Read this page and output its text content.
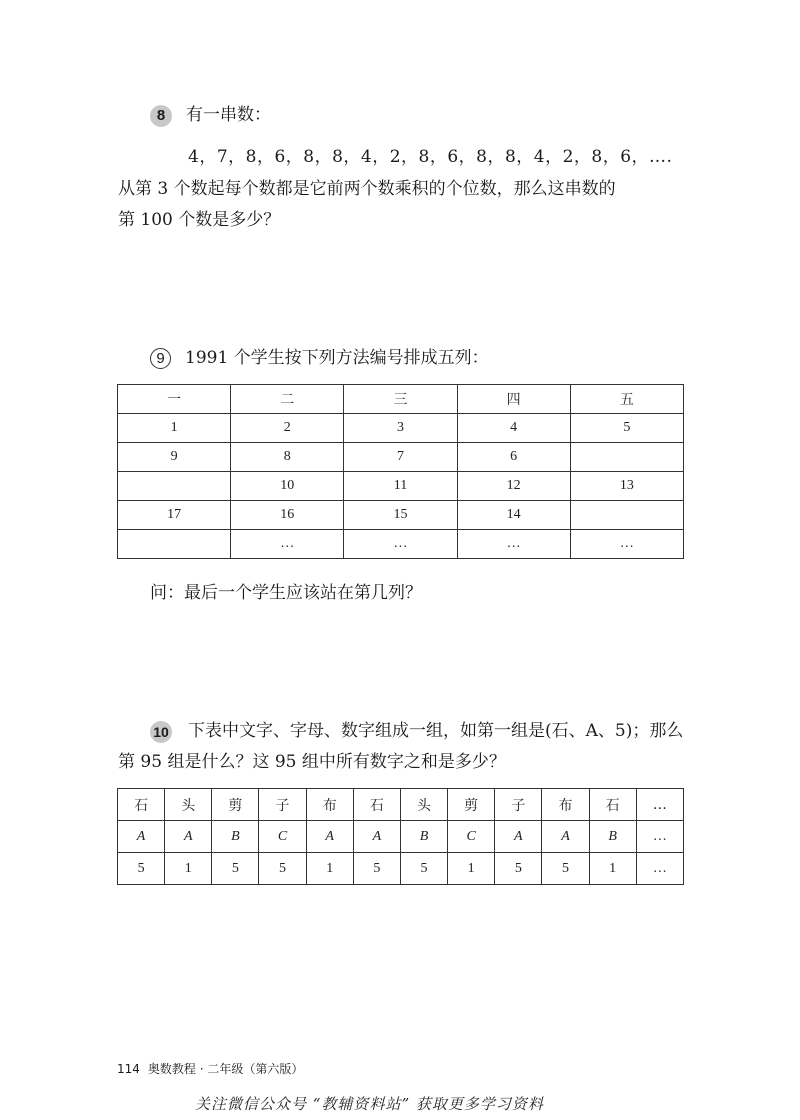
8 有一串数：
4，7，8，6，8，8，4，2，8，6，8，8，4，2，8，6，….
从第 3 个数起每个数都是它前两个数乘积的个位数，那么这串数的
第 100 个数是多少？
9 1991 个学生按下列方法编号排成五列：
一	二	三	四	五
1	2	3	4	5
9	8	7	6	
	10	11	12	13
17	16	15	14	
	…	…	…	…
问：最后一个学生应该站在第几列？
10 下表中文字、字母、数字组成一组，如第一组是(石、A、5)；那么
第 95 组是什么？这 95 组中所有数字之和是多少？
石	头	剪	子	布	石	头	剪	子	布	石	…
A	A	B	C	A	A	B	C	A	A	B	…
5	1	5	5	1	5	5	1	5	5	1	…
114 奥数教程 · 二年级（第六版）
关注微信公众号 “教辅资料站” 获取更多学习资料
